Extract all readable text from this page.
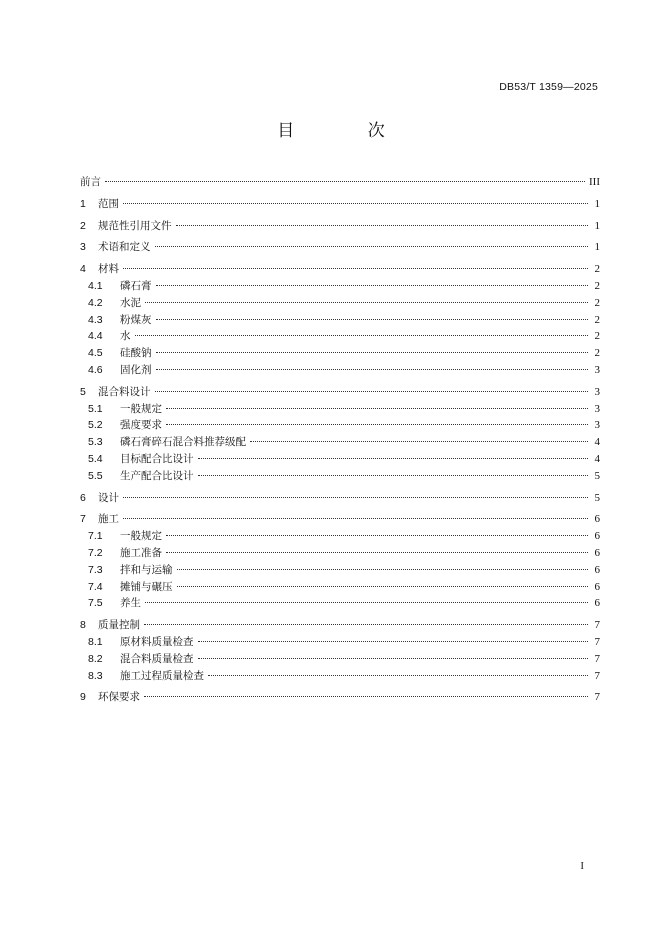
DB53/T 1359—2025
目 次
前言	III
1	范围	1
2	规范性引用文件	1
3	术语和定义	1
4	材料	2
4.1	磷石膏	2
4.2	水泥	2
4.3	粉煤灰	2
4.4	水	2
4.5	硅酸钠	2
4.6	固化剂	3
5	混合料设计	3
5.1	一般规定	3
5.2	强度要求	3
5.3	磷石膏碎石混合料推荐级配	4
5.4	目标配合比设计	4
5.5	生产配合比设计	5
6	设计	5
7	施工	6
7.1	一般规定	6
7.2	施工准备	6
7.3	拌和与运输	6
7.4	摊铺与碾压	6
7.5	养生	6
8	质量控制	7
8.1	原材料质量检查	7
8.2	混合料质量检查	7
8.3	施工过程质量检查	7
9	环保要求	7
I
